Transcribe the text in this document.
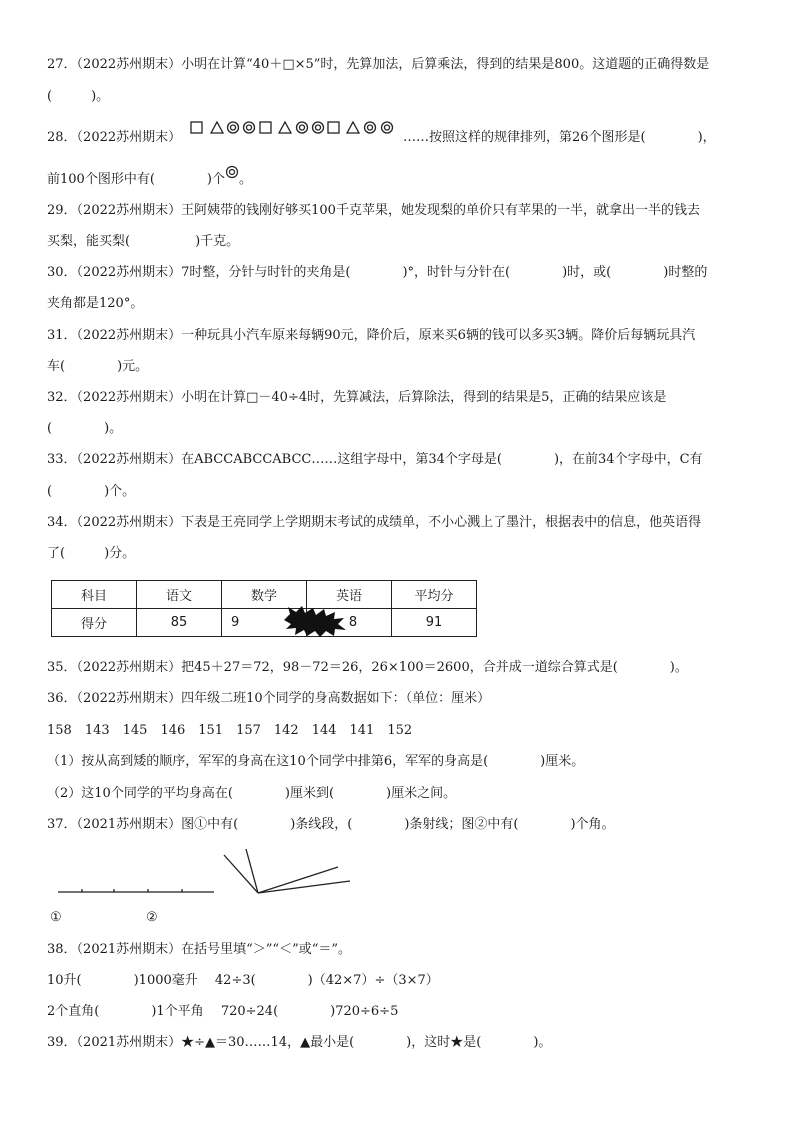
27．（2022苏州期末）小明在计算“40＋□×5”时，先算加法，后算乘法，得到的结果是800。这道题的正确得数是
(　　　)。
28．（2022苏州期末）	……按照这样的规律排列，第26个图形是(　　　　)，
前100个图形中有(　　　　)个 。
29．（2022苏州期末）王阿姨带的钱刚好够买100千克苹果，她发现梨的单价只有苹果的一半，就拿出一半的钱去
买梨，能买梨(　　　　　)千克。
30．（2022苏州期末）7时整，分针与时针的夹角是(　　　　)°，时针与分针在(　　　　)时，或(　　　　)时整的
夹角都是120°。
31．（2022苏州期末）一种玩具小汽车原来每辆90元，降价后，原来买6辆的钱可以多买3辆。降价后每辆玩具汽
车(　　　　)元。
32．（2022苏州期末）小明在计算□－40÷4时，先算减法，后算除法，得到的结果是5，正确的结果应该是
(　　　　)。
33．（2022苏州期末）在ABCCABCCABCC……这组字母中，第34个字母是(　　　　)，在前34个字母中，C有
(　　　　)个。
34．（2022苏州期末）下表是王亮同学上学期期末考试的成绩单，不小心溅上了墨汁，根据表中的信息，他英语得
了(　　　)分。
科目	语文	数学	英语	平均分
得分	85	9	8	91
35．（2022苏州期末）把45＋27＝72，98－72＝26，26×100＝2600，合并成一道综合算式是(　　　　)。
36．（2022苏州期末）四年级二班10个同学的身高数据如下：（单位：厘米）
158　143　145　146　151　157　142　144　141　152
（1）按从高到矮的顺序，军军的身高在这10个同学中排第6，军军的身高是(　　　　)厘米。
（2）这10个同学的平均身高在(　　　　)厘米到(　　　　)厘米之间。
37．（2021苏州期末）图①中有(　　　　)条线段，(　　　　)条射线；图②中有(　　　　)个角。
①	②
38．（2021苏州期末）在括号里填“＞”“＜”或“＝”。
10升(　　　　)1000毫升　 42÷3(　　　　)（42×7）÷（3×7）
2个直角(　　　　)1个平角　 720÷24(　　　　)720÷6÷5
39．（2021苏州期末）★÷▲＝30……14，▲最小是(　　　　)，这时★是(　　　　)。
